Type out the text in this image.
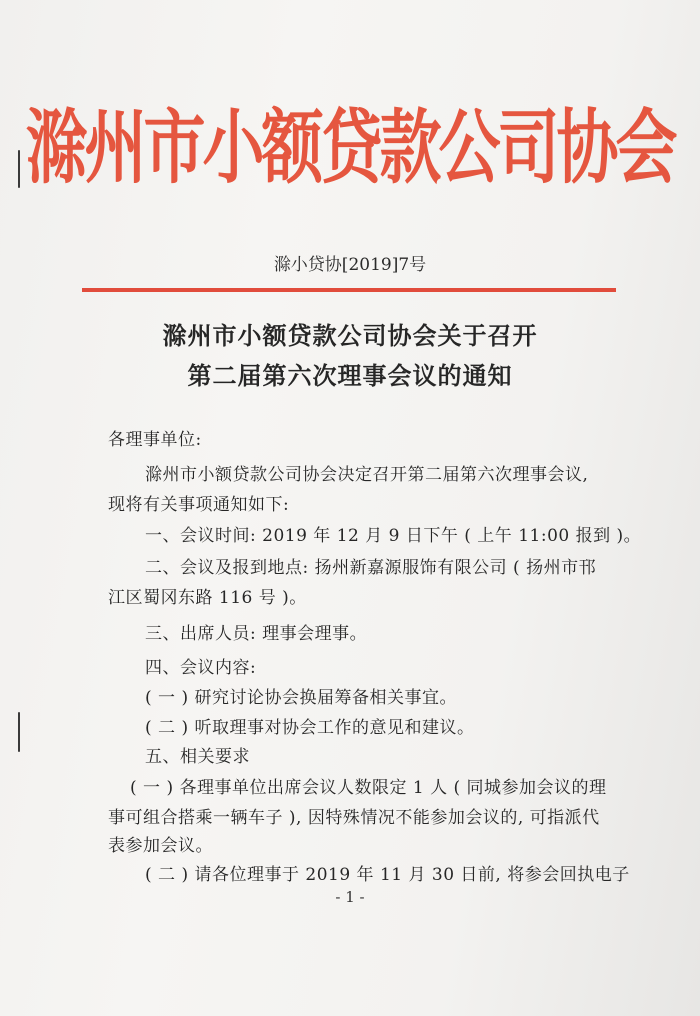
滁州市小额贷款公司协会
滁小贷协[2019]7号
滁州市小额贷款公司协会关于召开
第二届第六次理事会议的通知
各理事单位:
滁州市小额贷款公司协会决定召开第二届第六次理事会议,
现将有关事项通知如下:
一、会议时间: 2019 年 12 月 9 日下午 ( 上午 11:00 报到 )。
二、会议及报到地点: 扬州新嘉源服饰有限公司 ( 扬州市邗
江区蜀冈东路 116 号 )。
三、出席人员: 理事会理事。
四、会议内容:
( 一 ) 研究讨论协会换届筹备相关事宜。
( 二 ) 听取理事对协会工作的意见和建议。
五、相关要求
( 一 ) 各理事单位出席会议人数限定 1 人 ( 同城参加会议的理
事可组合搭乘一辆车子 ), 因特殊情况不能参加会议的, 可指派代
表参加会议。
( 二 ) 请各位理事于 2019 年 11 月 30 日前, 将参会回执电子
- 1 -
